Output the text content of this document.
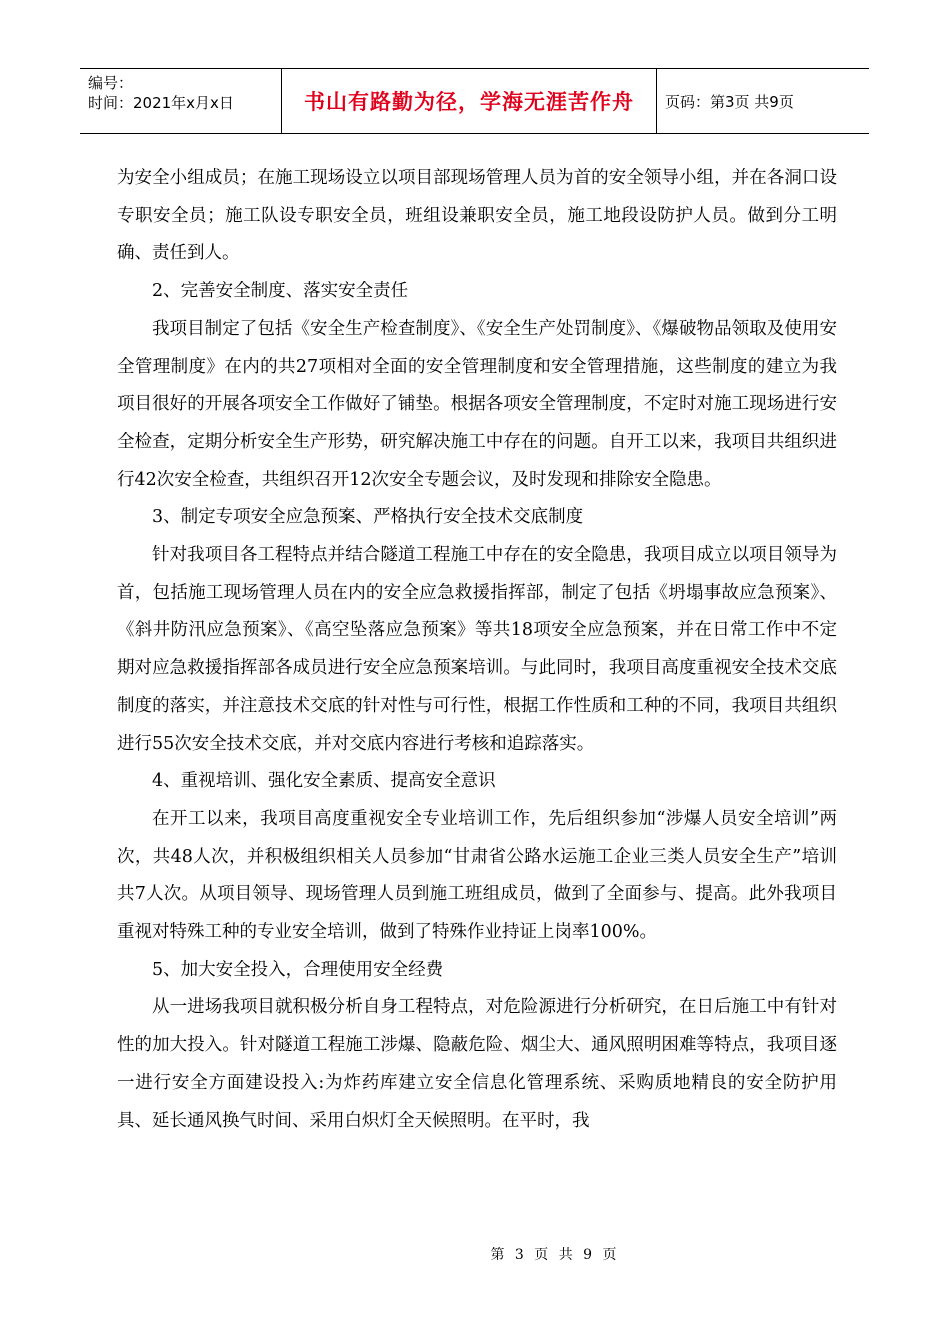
编号：
时间：2021年x月x日	书山有路勤为径，学海无涯苦作舟	页码：第3页 共9页

为安全小组成员；在施工现场设立以项目部现场管理人员为首的安全领导小组，并在各洞口设专职安全员；施工队设专职安全员，班组设兼职安全员，施工地段设防护人员。做到分工明确、责任到人。

2、完善安全制度、落实安全责任

我项目制定了包括《安全生产检查制度》、《安全生产处罚制度》、《爆破物品领取及使用安全管理制度》在内的共27项相对全面的安全管理制度和安全管理措施，这些制度的建立为我项目很好的开展各项安全工作做好了铺垫。根据各项安全管理制度，不定时对施工现场进行安全检查，定期分析安全生产形势，研究解决施工中存在的问题。自开工以来，我项目共组织进行42次安全检查，共组织召开12次安全专题会议，及时发现和排除安全隐患。

3、制定专项安全应急预案、严格执行安全技术交底制度

针对我项目各工程特点并结合隧道工程施工中存在的安全隐患，我项目成立以项目领导为首，包括施工现场管理人员在内的安全应急救援指挥部，制定了包括《坍塌事故应急预案》、《斜井防汛应急预案》、《高空坠落应急预案》等共18项安全应急预案，并在日常工作中不定期对应急救援指挥部各成员进行安全应急预案培训。与此同时，我项目高度重视安全技术交底制度的落实，并注意技术交底的针对性与可行性，根据工作性质和工种的不同，我项目共组织进行55次安全技术交底，并对交底内容进行考核和追踪落实。

4、重视培训、强化安全素质、提高安全意识

在开工以来，我项目高度重视安全专业培训工作，先后组织参加“涉爆人员安全培训”两次，共48人次，并积极组织相关人员参加“甘肃省公路水运施工企业三类人员安全生产”培训共7人次。从项目领导、现场管理人员到施工班组成员，做到了全面参与、提高。此外我项目重视对特殊工种的专业安全培训，做到了特殊作业持证上岗率100%。

5、加大安全投入，合理使用安全经费

从一进场我项目就积极分析自身工程特点，对危险源进行分析研究，在日后施工中有针对性的加大投入。针对隧道工程施工涉爆、隐蔽危险、烟尘大、通风照明困难等特点，我项目逐一进行安全方面建设投入:为炸药库建立安全信息化管理系统、采购质地精良的安全防护用具、延长通风换气时间、采用白炽灯全天候照明。在平时，我

第 3 页 共 9 页
